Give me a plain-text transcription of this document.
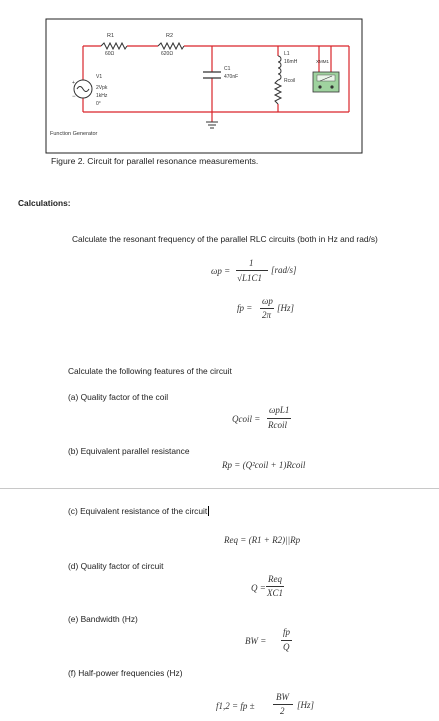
+
−
R1
60Ω
R2
620Ω
C1
470nF
L1
16mH
Rcoil
V1
2Vpk
1kHz
0°
Function Generator
XMM1
Figure 2. Circuit for parallel resonance measurements.
Calculations:
Calculate the resonant frequency of the parallel RLC circuits (both in Hz and rad/s)
ωp =
1
√L1C1
[rad/s]
fp =
ωp
2π
[Hz]
Calculate the following features of the circuit
(a) Quality factor of the coil
Qcoil =
ωpL1
Rcoil
(b) Equivalent parallel resistance
Rp = (Q²coil + 1)Rcoil
(c) Equivalent resistance of the circuit
Req = (R1 + R2)||Rp
(d) Quality factor of circuit
Q =
Req
XC1
(e) Bandwidth (Hz)
BW =
fp
Q
(f) Half-power frequencies (Hz)
f1,2 = fp ±
BW
2
[Hz]
